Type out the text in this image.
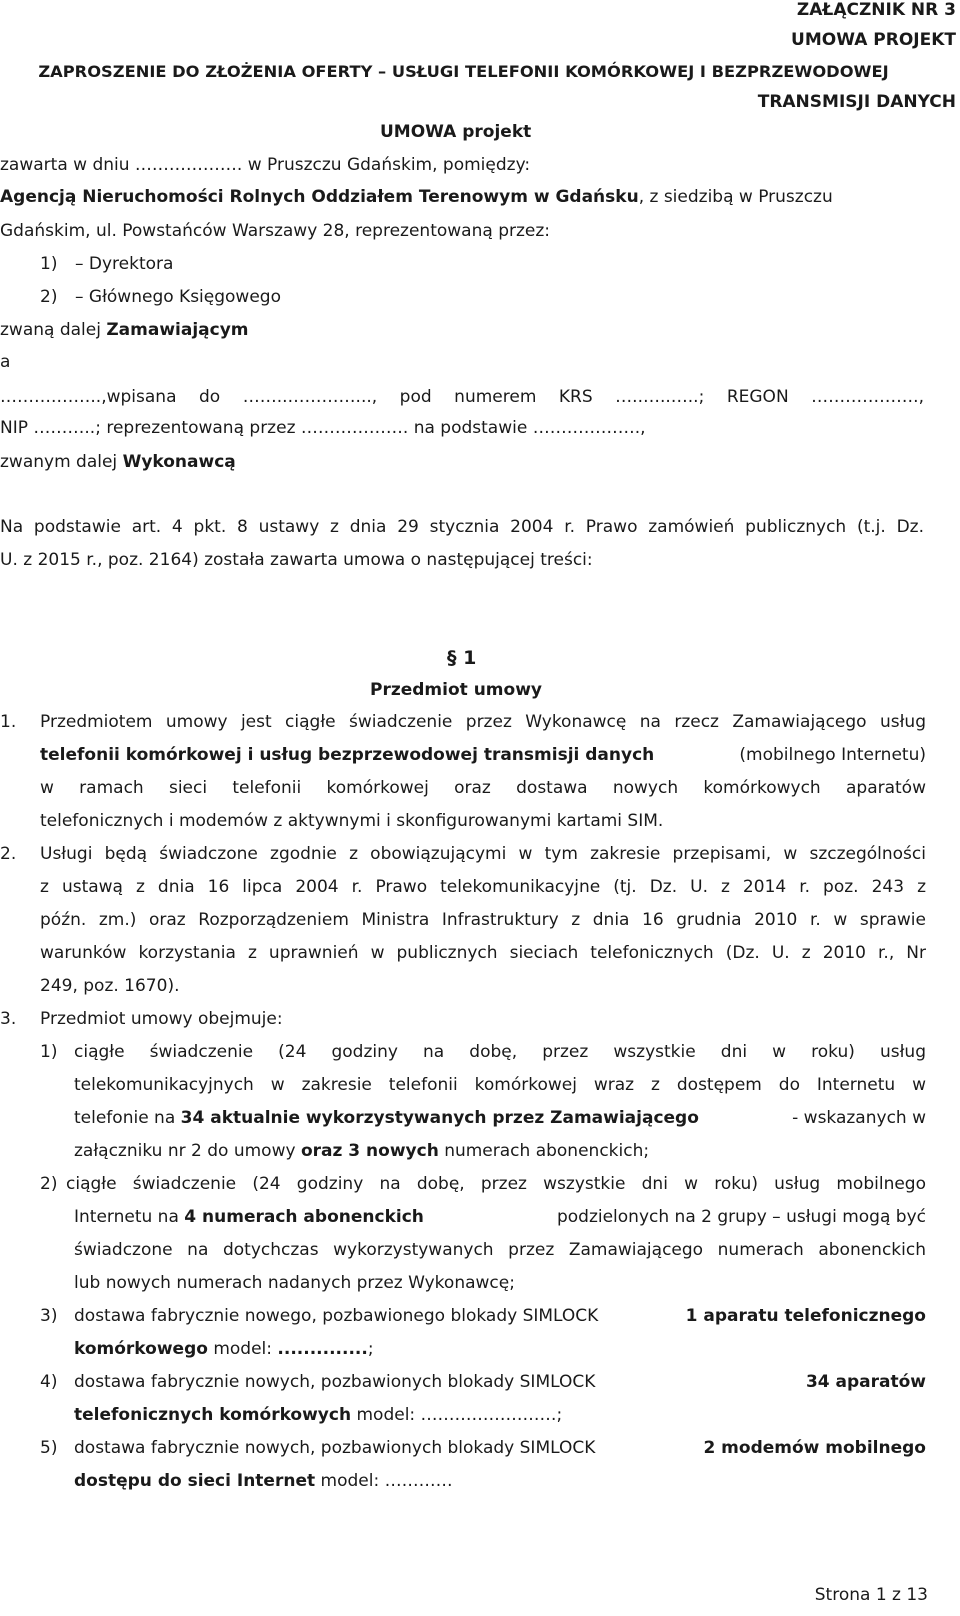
ZAŁĄCZNIK NR 3
UMOWA PROJEKT
ZAPROSZENIE DO ZŁOŻENIA OFERTY – USŁUGI TELEFONII KOMÓRKOWEJ I BEZPRZEWODOWEJ
TRANSMISJI DANYCH
UMOWA projekt
zawarta w dniu ………………. w Pruszczu Gdańskim, pomiędzy:
Agencją Nieruchomości Rolnych Oddziałem Terenowym w Gdańsku, z siedzibą w Pruszczu
Gdańskim, ul. Powstańców Warszawy 28, reprezentowaną przez:
1) – Dyrektora
2) – Głównego Księgowego
zwaną dalej Zamawiającym
a
……….……..,wpisana do ……..…………..., pod numerem KRS …..…..…..; REGON ……………….,
NIP ………..; reprezentowaną przez ………………. na podstawie ……………….,
zwanym dalej Wykonawcą
Na podstawie art. 4 pkt. 8 ustawy z dnia 29 stycznia 2004 r. Prawo zamówień publicznych (t.j. Dz.
U. z 2015 r., poz. 2164) została zawarta umowa o następującej treści:
§ 1
Przedmiot umowy
1. Przedmiotem umowy jest ciągłe świadczenie przez Wykonawcę na rzecz Zamawiającego usług
telefonii komórkowej i usług bezprzewodowej transmisji danych	(mobilnego Internetu)
w ramach sieci telefonii komórkowej oraz dostawa nowych komórkowych aparatów
telefonicznych i modemów z aktywnymi i skonfigurowanymi kartami SIM.
2. Usługi będą świadczone zgodnie z obowiązującymi w tym zakresie przepisami, w szczególności
z ustawą z dnia 16 lipca 2004 r. Prawo telekomunikacyjne (tj. Dz. U. z 2014 r. poz. 243 z
późn. zm.) oraz Rozporządzeniem Ministra Infrastruktury z dnia 16 grudnia 2010 r. w sprawie
warunków korzystania z uprawnień w publicznych sieciach telefonicznych (Dz. U. z 2010 r., Nr
249, poz. 1670).
3. Przedmiot umowy obejmuje:
1) ciągłe świadczenie (24 godziny na dobę, przez wszystkie dni w roku) usług
telekomunikacyjnych w zakresie telefonii komórkowej wraz z dostępem do Internetu w
telefonie na 34 aktualnie wykorzystywanych przez Zamawiającego	- wskazanych w
załączniku nr 2 do umowy oraz 3 nowych numerach abonenckich;
2) ciągłe świadczenie (24 godziny na dobę, przez wszystkie dni w roku) usług mobilnego
Internetu na 4 numerach abonenckich	podzielonych na 2 grupy – usługi mogą być
świadczone na dotychczas wykorzystywanych przez Zamawiającego numerach abonenckich
lub nowych numerach nadanych przez Wykonawcę;
3) dostawa fabrycznie nowego, pozbawionego blokady SIMLOCK	1 aparatu telefonicznego
komórkowego model: ..............;
4) dostawa fabrycznie nowych, pozbawionych blokady SIMLOCK	34 aparatów
telefonicznych komórkowych model: ……………………;
5) dostawa fabrycznie nowych, pozbawionych blokady SIMLOCK	2 modemów mobilnego
dostępu do sieci Internet model: …………
Strona 1 z 13
